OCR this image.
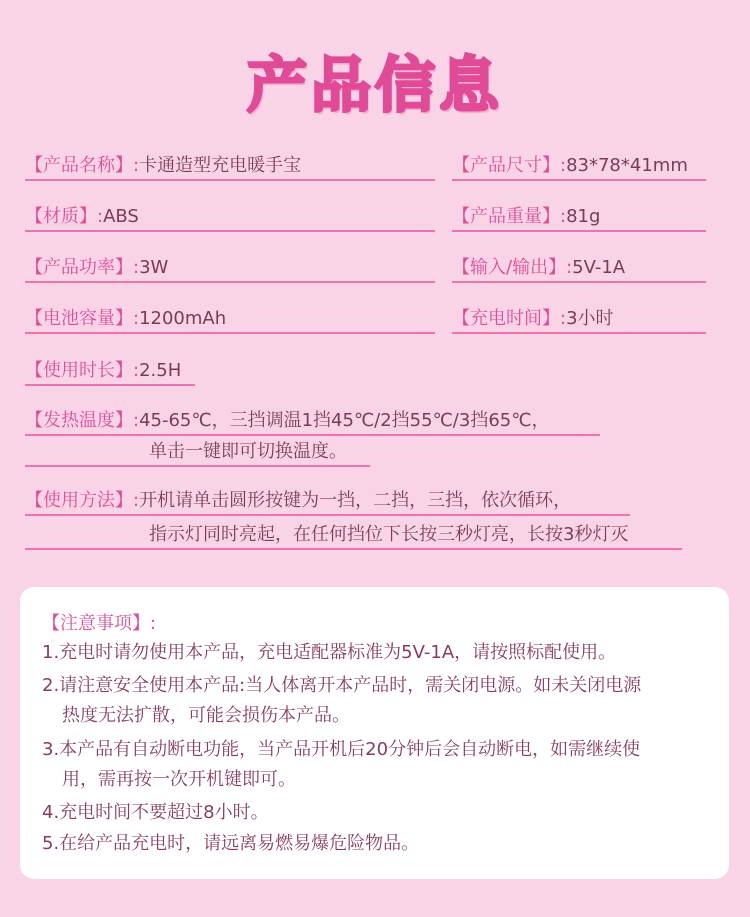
产品信息
【产品名称】:卡通造型充电暖手宝	【产品尺寸】:83*78*41mm
【材质】:ABS	【产品重量】:81g
【产品功率】:3W	【输入/输出】:5V-1A
【电池容量】:1200mAh	【充电时间】:3小时
【使用时长】:2.5H
【发热温度】:45-65℃，三挡调温1挡45℃/2挡55℃/3挡65℃，
单击一键即可切换温度。
【使用方法】:开机请单击圆形按键为一挡，二挡，三挡，依次循环，
指示灯同时亮起，在任何挡位下长按三秒灯亮，长按3秒灯灭
【注意事项】:
1.充电时请勿使用本产品，充电适配器标准为5V-1A，请按照标配使用。
2.请注意安全使用本产品:当人体离开本产品时，需关闭电源。如未关闭电源
热度无法扩散，可能会损伤本产品。
3.本产品有自动断电功能，当产品开机后20分钟后会自动断电，如需继续使
用，需再按一次开机键即可。
4.充电时间不要超过8小时。
5.在给产品充电时，请远离易燃易爆危险物品。
